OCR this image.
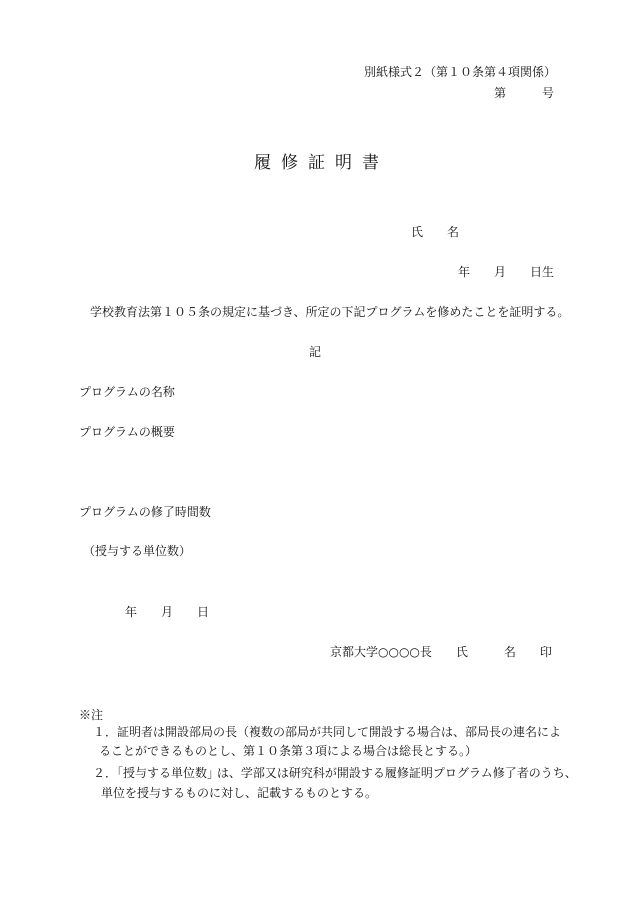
別紙様式２（第１０条第４項関係）
第　　　号
履修証明書
氏　　名
年　　月　　日生
学校教育法第１０５条の規定に基づき、所定の下記プログラムを修めたことを証明する。
記
プログラムの名称
プログラムの概要
プログラムの修了時間数
（授与する単位数）
年　　月　　日
京都大学○○○○長　　氏　　　名　　印
※注
１．証明者は開設部局の長（複数の部局が共同して開設する場合は、部局長の連名によ
ることができるものとし、第１０条第３項による場合は総長とする。）
２．｢授与する単位数｣ は、学部又は研究科が開設する履修証明プログラム修了者のうち、
単位を授与するものに対し、記載するものとする。
